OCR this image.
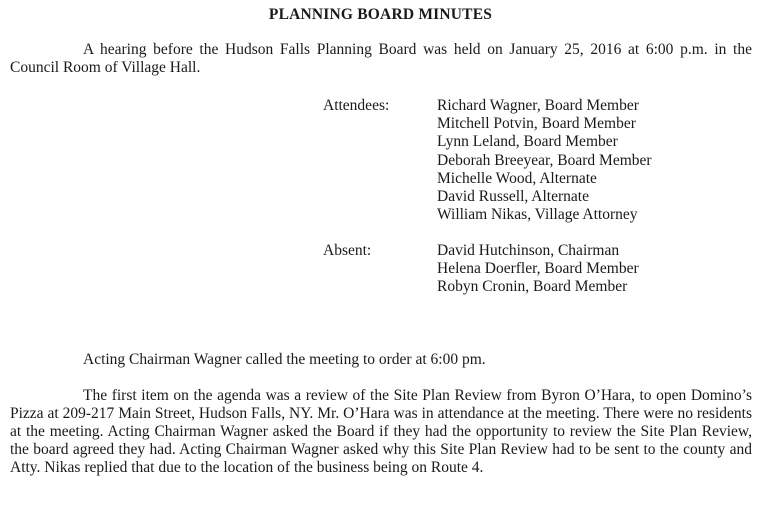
PLANNING BOARD MINUTES

A hearing before the Hudson Falls Planning Board was held on January 25, 2016 at 6:00 p.m. in the Council Room of Village Hall.

Attendees:	Richard Wagner, Board Member
Mitchell Potvin, Board Member
Lynn Leland, Board Member
Deborah Breeyear, Board Member
Michelle Wood, Alternate
David Russell, Alternate
William Nikas, Village Attorney
Absent:	David Hutchinson, Chairman
Helena Doerfler, Board Member
Robyn Cronin, Board Member

Acting Chairman Wagner called the meeting to order at 6:00 pm.

The first item on the agenda was a review of the Site Plan Review from Byron O’Hara, to open Domino’s Pizza at 209-217 Main Street, Hudson Falls, NY. Mr. O’Hara was in attendance at the meeting. There were no residents at the meeting. Acting Chairman Wagner asked the Board if they had the opportunity to review the Site Plan Review, the board agreed they had. Acting Chairman Wagner asked why this Site Plan Review had to be sent to the county and Atty. Nikas replied that due to the location of the business being on Route 4.
